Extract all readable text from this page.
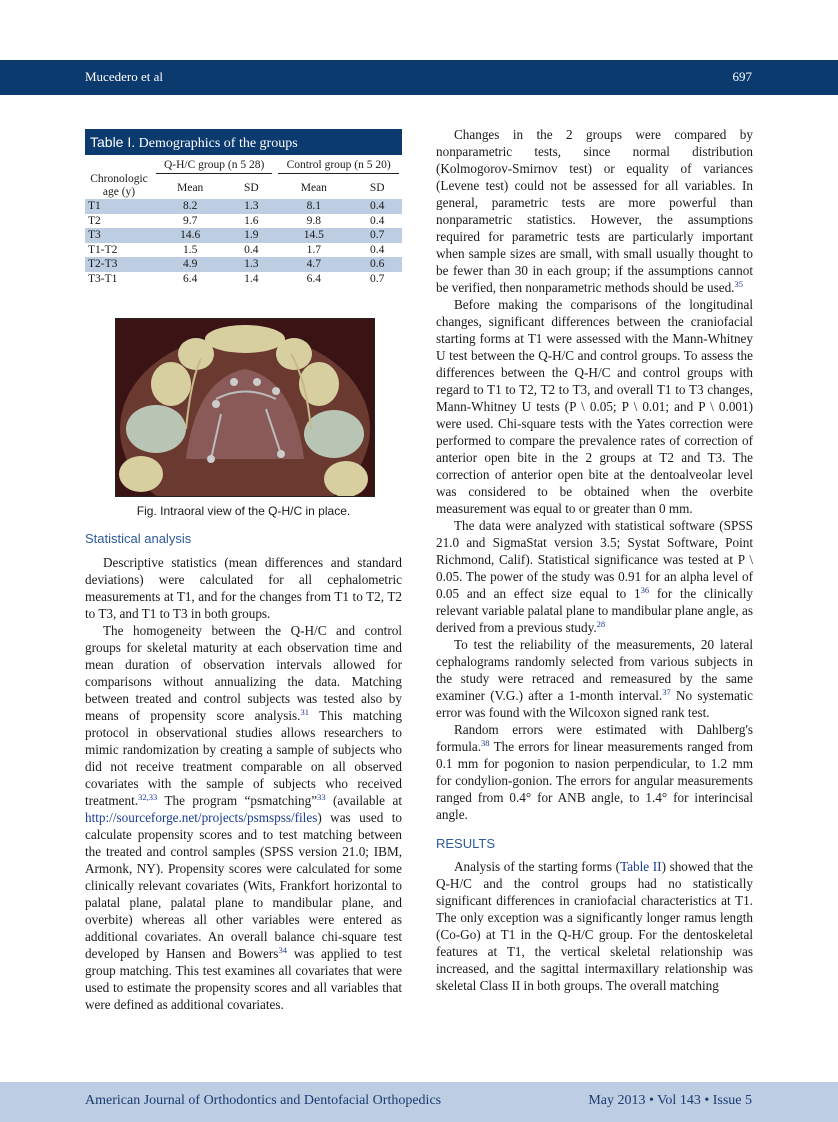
Mucedero et al	697
Table I. Demographics of the groups
Chronologic age (y)	Q-H/C group (n 5 28)		Control group (n 5 20)	

	Mean	SD	Mean	SD
T1	8.2	1.3	8.1	0.4
T2	9.7	1.6	9.8	0.4
T3	14.6	1.9	14.5	0.7
T1-T2	1.5	0.4	1.7	0.4
T2-T3	4.9	1.3	4.7	0.6
T3-T1	6.4	1.4	6.4	0.7
Fig. Intraoral view of the Q-H/C in place.
Statistical analysis

Descriptive statistics (mean differences and standard deviations) were calculated for all cephalometric measurements at T1, and for the changes from T1 to T2, T2 to T3, and T1 to T3 in both groups.

The homogeneity between the Q-H/C and control groups for skeletal maturity at each observation time and mean duration of observation intervals allowed for comparisons without annualizing the data. Matching between treated and control subjects was tested also by means of propensity score analysis.$^{31}$ This matching protocol in observational studies allows researchers to mimic randomization by creating a sample of subjects who did not receive treatment comparable on all observed covariates with the sample of subjects who received treatment.$^{32,33}$ The program “psmatching”$^{33}$ (available at http://sourceforge.net/projects/psmspss/files) was used to calculate propensity scores and to test matching between the treated and control samples (SPSS version 21.0; IBM, Armonk, NY). Propensity scores were calculated for some clinically relevant covariates (Wits, Frankfort horizontal to palatal plane, palatal plane to mandibular plane, and overbite) whereas all other variables were entered as additional covariates. An overall balance chi-square test developed by Hansen and Bowers$^{34}$ was applied to test group matching. This test examines all covariates that were used to estimate the propensity scores and all variables that were defined as additional covariates.

Changes in the 2 groups were compared by nonparametric tests, since normal distribution (Kolmogorov-Smirnov test) or equality of variances (Levene test) could not be assessed for all variables. In general, parametric tests are more powerful than nonparametric statistics. However, the assumptions required for parametric tests are particularly important when sample sizes are small, with small usually thought to be fewer than 30 in each group; if the assumptions cannot be verified, then nonparametric methods should be used.$^{35}$

Before making the comparisons of the longitudinal changes, significant differences between the craniofacial starting forms at T1 were assessed with the Mann-Whitney U test between the Q-H/C and control groups. To assess the differences between the Q-H/C and control groups with regard to T1 to T2, T2 to T3, and overall T1 to T3 changes, Mann-Whitney U tests (P \ 0.05; P \ 0.01; and P \ 0.001) were used. Chi-square tests with the Yates correction were performed to compare the prevalence rates of correction of anterior open bite in the 2 groups at T2 and T3. The correction of anterior open bite at the dentoalveolar level was considered to be obtained when the overbite measurement was equal to or greater than 0 mm.

The data were analyzed with statistical software (SPSS 21.0 and SigmaStat version 3.5; Systat Software, Point Richmond, Calif). Statistical significance was tested at P \ 0.05. The power of the study was 0.91 for an alpha level of 0.05 and an effect size equal to $1^{36}$ for the clinically relevant variable palatal plane to mandibular plane angle, as derived from a previous study.$^{28}$

To test the reliability of the measurements, 20 lateral cephalograms randomly selected from various subjects in the study were retraced and remeasured by the same examiner (V.G.) after a 1-month interval.$^{37}$ No systematic error was found with the Wilcoxon signed rank test.

Random errors were estimated with Dahlberg's formula.$^{38}$ The errors for linear measurements ranged from 0.1 mm for pogonion to nasion perpendicular, to 1.2 mm for condylion-gonion. The errors for angular measurements ranged from 0.4° for ANB angle, to 1.4° for interincisal angle.

RESULTS

Analysis of the starting forms (Table II) showed that the Q-H/C and the control groups had no statistically significant differences in craniofacial characteristics at T1. The only exception was a significantly longer ramus length (Co-Go) at T1 in the Q-H/C group. For the dentoskeletal features at T1, the vertical skeletal relationship was increased, and the sagittal intermaxillary relationship was skeletal Class II in both groups. The overall matching

American Journal of Orthodontics and Dentofacial Orthopedics	May 2013 • Vol 143 • Issue 5
